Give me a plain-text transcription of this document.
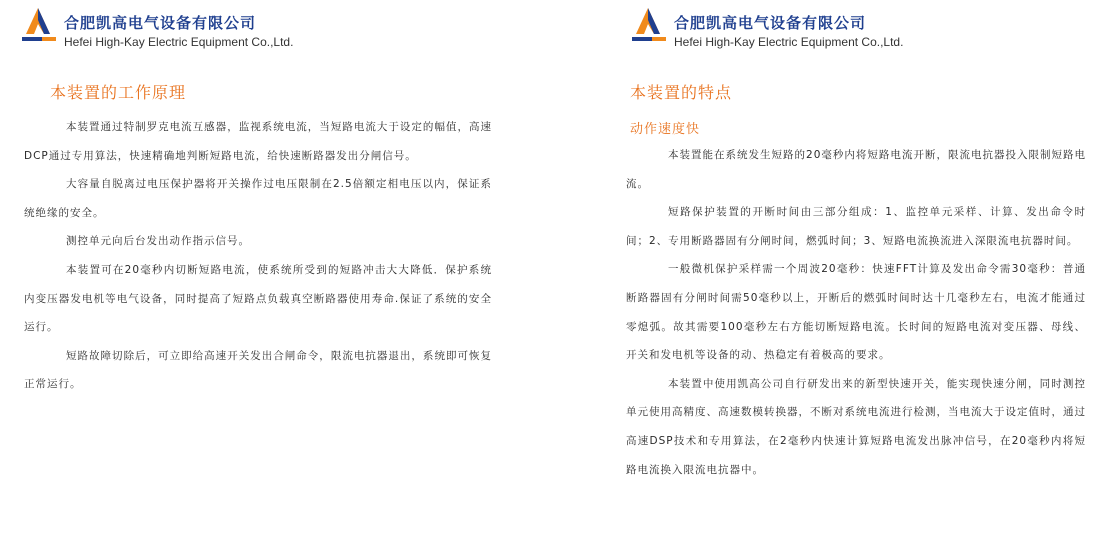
合肥凯高电气设备有限公司
Hefei High-Kay Electric Equipment Co.,Ltd.
本装置的工作原理

本装置通过特制罗克电流互感器，监视系统电流，当短路电流大于设定的幅值，高速DCP通过专用算法，快速精确地判断短路电流，给快速断路器发出分闸信号。

大容量自脱离过电压保护器将开关操作过电压限制在2.5倍额定相电压以内，保证系统绝缘的安全。

测控单元向后台发出动作指示信号。

本装置可在20毫秒内切断短路电流，使系统所受到的短路冲击大大降低．保护系统内变压器发电机等电气设备，同时提高了短路点负载真空断路器使用寿命.保证了系统的安全运行。

短路故障切除后，可立即给高速开关发出合闸命令，限流电抗器退出，系统即可恢复正常运行。

合肥凯高电气设备有限公司
Hefei High-Kay Electric Equipment Co.,Ltd.
本装置的特点
动作速度快

本装置能在系统发生短路的20毫秒内将短路电流开断，限流电抗器投入限制短路电流。

短路保护装置的开断时间由三部分组成：1、监控单元采样、计算、发出命令时间；2、专用断路器固有分闸时间，燃弧时间；3、短路电流换流进入深限流电抗器时间。

一般微机保护采样需一个周波20毫秒：快速FFT计算及发出命令需30毫秒：普通断路器固有分闸时间需50毫秒以上，开断后的燃弧时间时达十几毫秒左右，电流才能通过零熄弧。故其需要100毫秒左右方能切断短路电流。长时间的短路电流对变压器、母线、开关和发电机等设备的动、热稳定有着极高的要求。

本装置中使用凯高公司自行研发出来的新型快速开关，能实现快速分闸，同时测控单元使用高精度、高速数模转换器，不断对系统电流进行检测，当电流大于设定值时，通过高速DSP技术和专用算法，在2毫秒内快速计算短路电流发出脉冲信号，在20毫秒内将短路电流换入限流电抗器中。
